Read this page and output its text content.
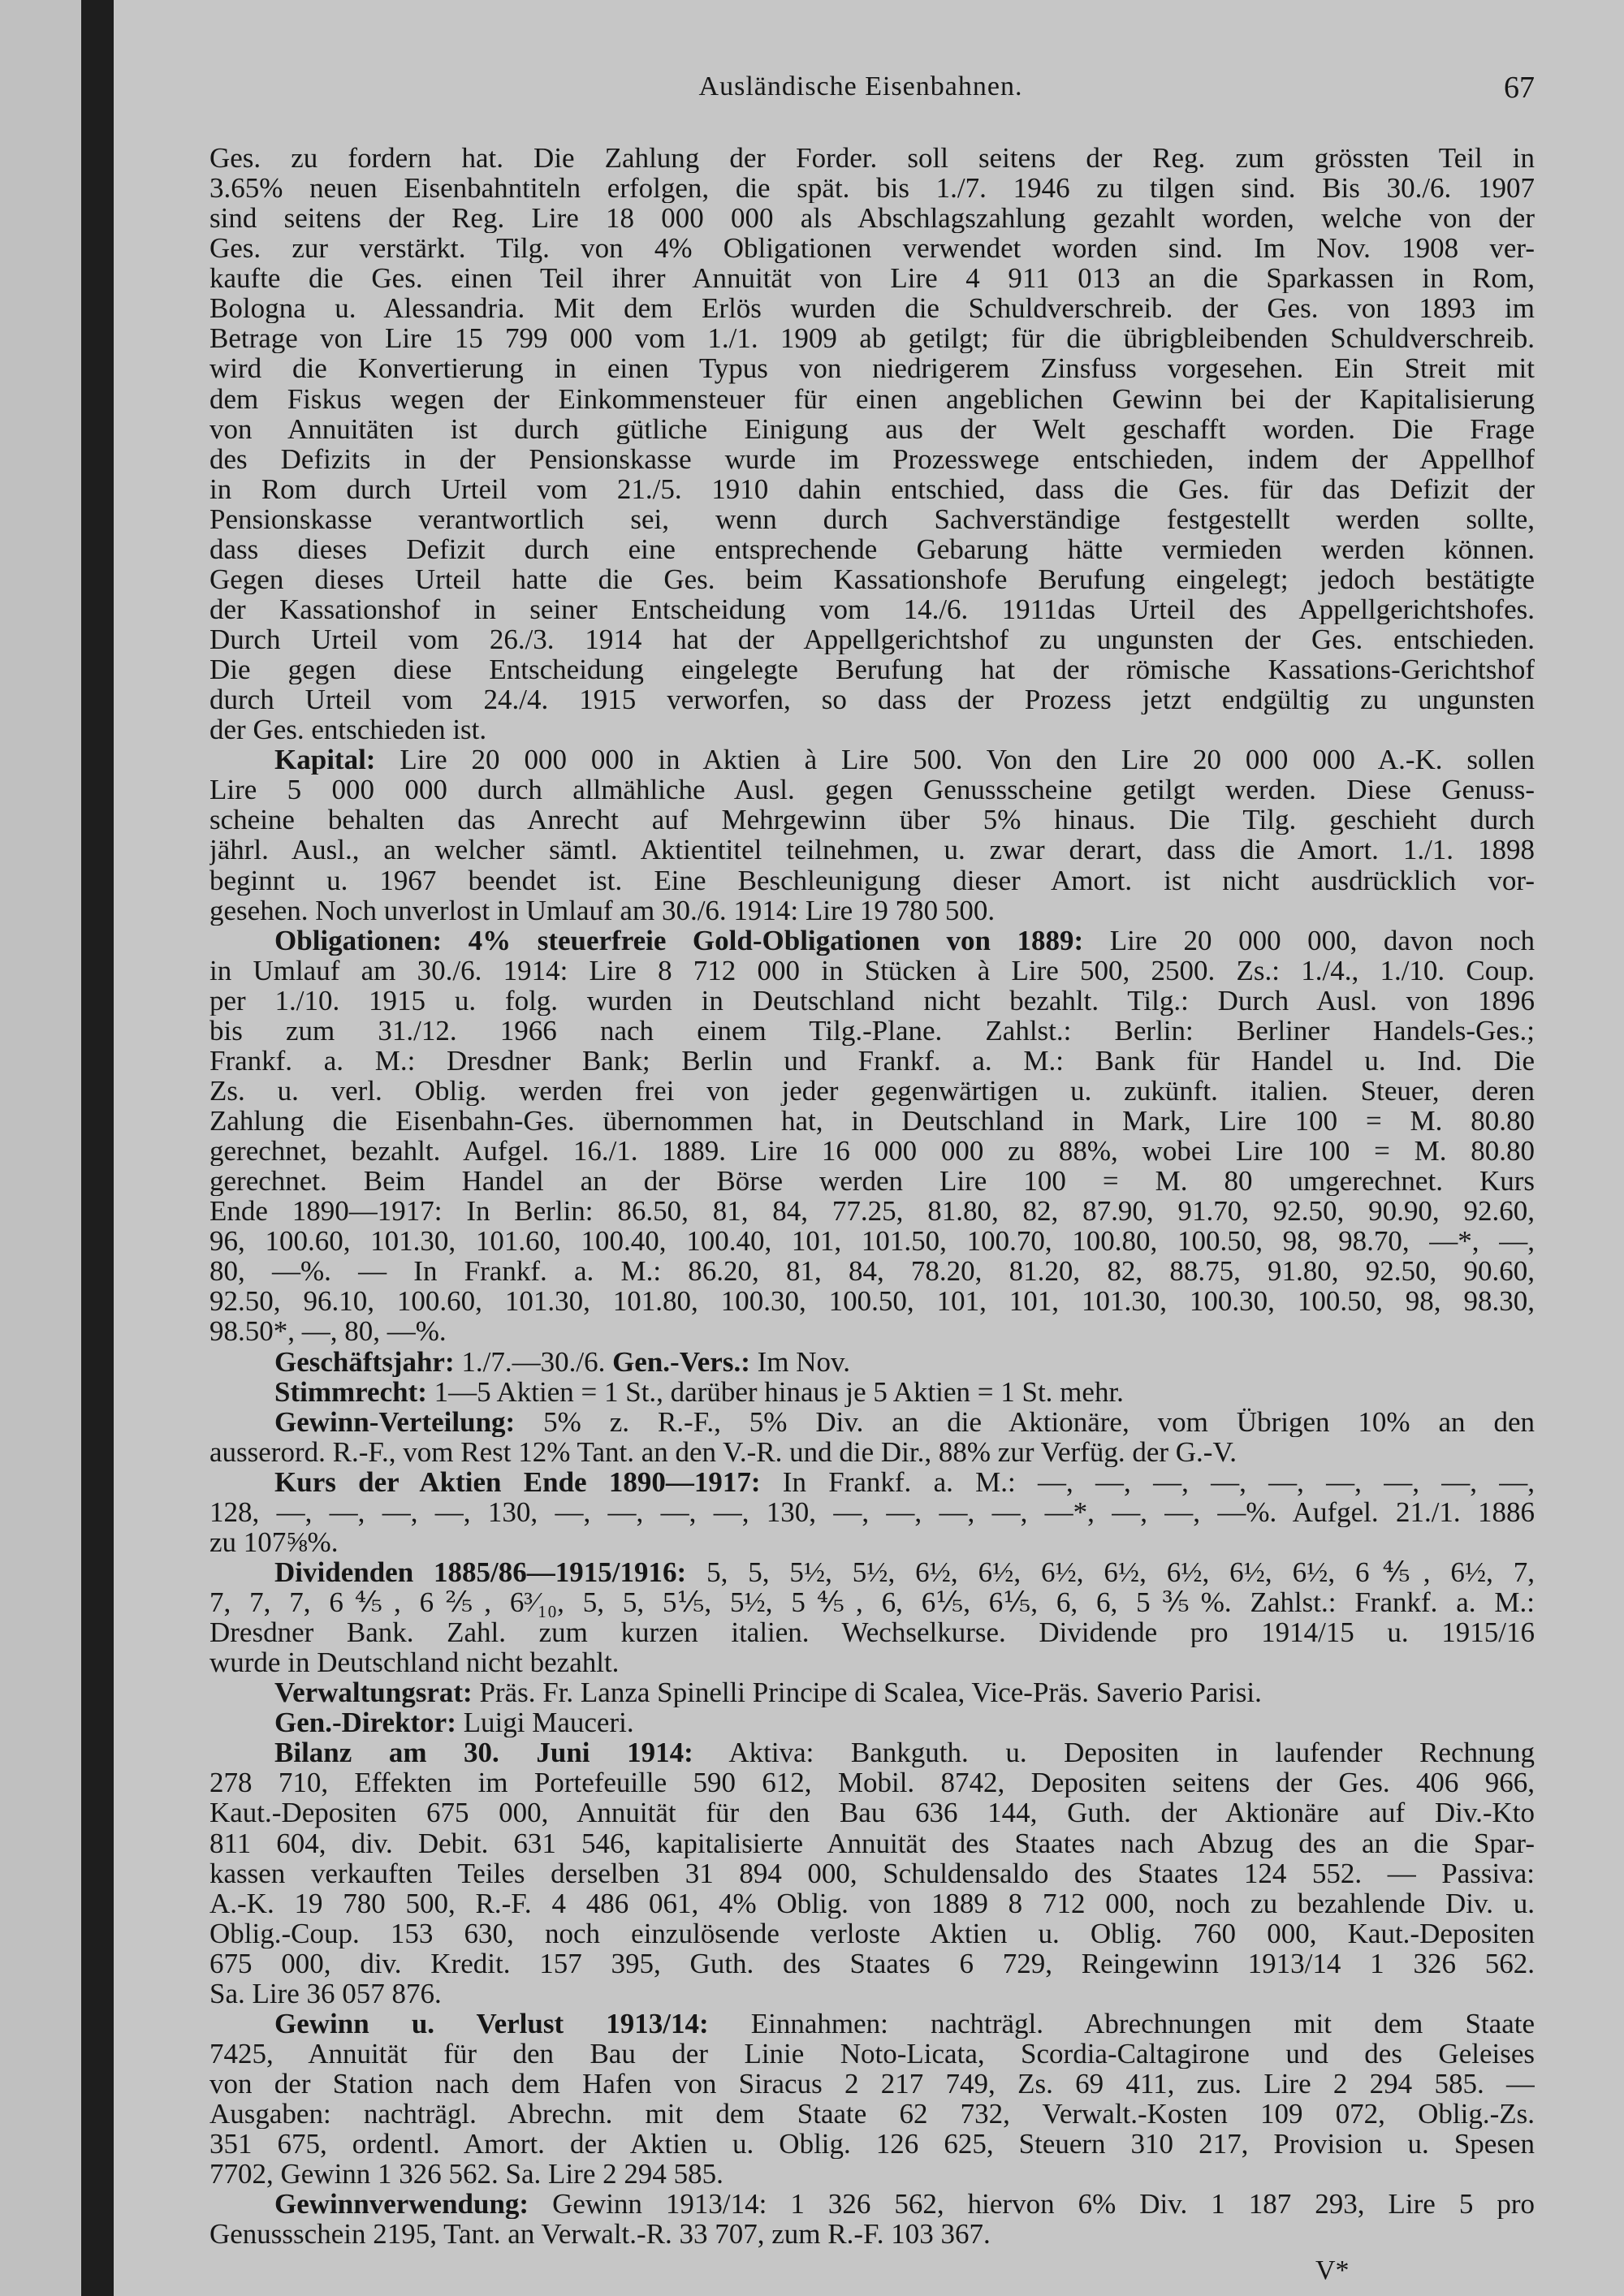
Ausländische Eisenbahnen.	67
Ges. zu fordern hat. Die Zahlung der Forder. soll seitens der Reg. zum grössten Teil in
3.65% neuen Eisenbahntiteln erfolgen, die spät. bis 1./7. 1946 zu tilgen sind. Bis 30./6. 1907
sind seitens der Reg. Lire 18 000 000 als Abschlagszahlung gezahlt worden, welche von der
Ges. zur verstärkt. Tilg. von 4% Obligationen verwendet worden sind. Im Nov. 1908 ver-
kaufte die Ges. einen Teil ihrer Annuität von Lire 4 911 013 an die Sparkassen in Rom,
Bologna u. Alessandria. Mit dem Erlös wurden die Schuldverschreib. der Ges. von 1893 im
Betrage von Lire 15 799 000 vom 1./1. 1909 ab getilgt; für die übrigbleibenden Schuldverschreib.
wird die Konvertierung in einen Typus von niedrigerem Zinsfuss vorgesehen. Ein Streit mit
dem Fiskus wegen der Einkommensteuer für einen angeblichen Gewinn bei der Kapitalisierung
von Annuitäten ist durch gütliche Einigung aus der Welt geschafft worden. Die Frage
des Defizits in der Pensionskasse wurde im Prozesswege entschieden, indem der Appellhof
in Rom durch Urteil vom 21./5. 1910 dahin entschied, dass die Ges. für das Defizit der
Pensionskasse verantwortlich sei, wenn durch Sachverständige festgestellt werden sollte,
dass dieses Defizit durch eine entsprechende Gebarung hätte vermieden werden können.
Gegen dieses Urteil hatte die Ges. beim Kassationshofe Berufung eingelegt; jedoch bestätigte
der Kassationshof in seiner Entscheidung vom 14./6. 1911das Urteil des Appellgerichtshofes.
Durch Urteil vom 26./3. 1914 hat der Appellgerichtshof zu ungunsten der Ges. entschieden.
Die gegen diese Entscheidung eingelegte Berufung hat der römische Kassations-Gerichtshof
durch Urteil vom 24./4. 1915 verworfen, so dass der Prozess jetzt endgültig zu ungunsten
der Ges. entschieden ist.
Kapital: Lire 20 000 000 in Aktien à Lire 500. Von den Lire 20 000 000 A.-K. sollen
Lire 5 000 000 durch allmähliche Ausl. gegen Genussscheine getilgt werden. Diese Genuss-
scheine behalten das Anrecht auf Mehrgewinn über 5% hinaus. Die Tilg. geschieht durch
jährl. Ausl., an welcher sämtl. Aktientitel teilnehmen, u. zwar derart, dass die Amort. 1./1. 1898
beginnt u. 1967 beendet ist. Eine Beschleunigung dieser Amort. ist nicht ausdrücklich vor-
gesehen. Noch unverlost in Umlauf am 30./6. 1914: Lire 19 780 500.
Obligationen: 4% steuerfreie Gold-Obligationen von 1889: Lire 20 000 000, davon noch
in Umlauf am 30./6. 1914: Lire 8 712 000 in Stücken à Lire 500, 2500. Zs.: 1./4., 1./10. Coup.
per 1./10. 1915 u. folg. wurden in Deutschland nicht bezahlt. Tilg.: Durch Ausl. von 1896
bis zum 31./12. 1966 nach einem Tilg.-Plane. Zahlst.: Berlin: Berliner Handels-Ges.;
Frankf. a. M.: Dresdner Bank; Berlin und Frankf. a. M.: Bank für Handel u. Ind. Die
Zs. u. verl. Oblig. werden frei von jeder gegenwärtigen u. zukünft. italien. Steuer, deren
Zahlung die Eisenbahn-Ges. übernommen hat, in Deutschland in Mark, Lire 100 = M. 80.80
gerechnet, bezahlt. Aufgel. 16./1. 1889. Lire 16 000 000 zu 88%, wobei Lire 100 = M. 80.80
gerechnet. Beim Handel an der Börse werden Lire 100 = M. 80 umgerechnet. Kurs
Ende 1890—1917: In Berlin: 86.50, 81, 84, 77.25, 81.80, 82, 87.90, 91.70, 92.50, 90.90, 92.60,
96, 100.60, 101.30, 101.60, 100.40, 100.40, 101, 101.50, 100.70, 100.80, 100.50, 98, 98.70, —*, —,
80, —%. — In Frankf. a. M.: 86.20, 81, 84, 78.20, 81.20, 82, 88.75, 91.80, 92.50, 90.60,
92.50, 96.10, 100.60, 101.30, 101.80, 100.30, 100.50, 101, 101, 101.30, 100.30, 100.50, 98, 98.30,
98.50*, —, 80, —%.
Geschäftsjahr: 1./7.—30./6. Gen.-Vers.: Im Nov.
Stimmrecht: 1—5 Aktien = 1 St., darüber hinaus je 5 Aktien = 1 St. mehr.
Gewinn-Verteilung: 5% z. R.-F., 5% Div. an die Aktionäre, vom Übrigen 10% an den
ausserord. R.-F., vom Rest 12% Tant. an den V.-R. und die Dir., 88% zur Verfüg. der G.-V.
Kurs der Aktien Ende 1890—1917: In Frankf. a. M.: —, —, —, —, —, —, —, —, —,
128, —, —, —, —, 130, —, —, —, —, 130, —, —, —, —, —*, —, —, —%. Aufgel. 21./1. 1886
zu 107⅝%.
Dividenden 1885/86—1915/1916: 5, 5, 5½, 5½, 6½, 6½, 6½, 6½, 6½, 6½, 6½, 6⅘, 6½, 7,
7, 7, 7, 6⅘, 6⅖, 6³⁄₁₀, 5, 5, 5⅕, 5½, 5⅘, 6, 6⅕, 6⅕, 6, 6, 5⅗%. Zahlst.: Frankf. a. M.:
Dresdner Bank. Zahl. zum kurzen italien. Wechselkurse. Dividende pro 1914/15 u. 1915/16
wurde in Deutschland nicht bezahlt.
Verwaltungsrat: Präs. Fr. Lanza Spinelli Principe di Scalea, Vice-Präs. Saverio Parisi.
Gen.-Direktor: Luigi Mauceri.
Bilanz am 30. Juni 1914: Aktiva: Bankguth. u. Depositen in laufender Rechnung
278 710, Effekten im Portefeuille 590 612, Mobil. 8742, Depositen seitens der Ges. 406 966,
Kaut.-Depositen 675 000, Annuität für den Bau 636 144, Guth. der Aktionäre auf Div.-Kto
811 604, div. Debit. 631 546, kapitalisierte Annuität des Staates nach Abzug des an die Spar-
kassen verkauften Teiles derselben 31 894 000, Schuldensaldo des Staates 124 552. — Passiva:
A.-K. 19 780 500, R.-F. 4 486 061, 4% Oblig. von 1889 8 712 000, noch zu bezahlende Div. u.
Oblig.-Coup. 153 630, noch einzulösende verloste Aktien u. Oblig. 760 000, Kaut.-Depositen
675 000, div. Kredit. 157 395, Guth. des Staates 6 729, Reingewinn 1913/14 1 326 562.
Sa. Lire 36 057 876.
Gewinn u. Verlust 1913/14: Einnahmen: nachträgl. Abrechnungen mit dem Staate
7425, Annuität für den Bau der Linie Noto-Licata, Scordia-Caltagirone und des Geleises
von der Station nach dem Hafen von Siracus 2 217 749, Zs. 69 411, zus. Lire 2 294 585. —
Ausgaben: nachträgl. Abrechn. mit dem Staate 62 732, Verwalt.-Kosten 109 072, Oblig.-Zs.
351 675, ordentl. Amort. der Aktien u. Oblig. 126 625, Steuern 310 217, Provision u. Spesen
7702, Gewinn 1 326 562. Sa. Lire 2 294 585.
Gewinnverwendung: Gewinn 1913/14: 1 326 562, hiervon 6% Div. 1 187 293, Lire 5 pro
Genussschein 2195, Tant. an Verwalt.-R. 33 707, zum R.-F. 103 367.
V*
